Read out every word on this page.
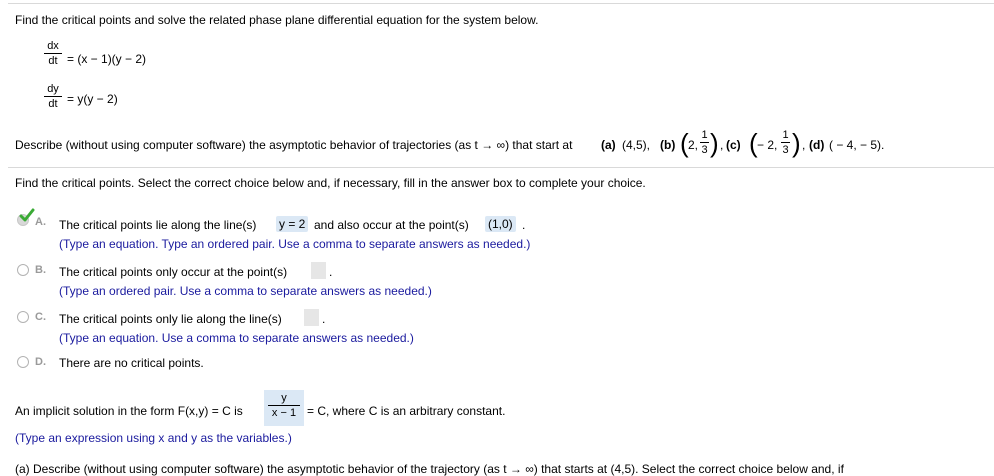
Find the critical points and solve the related phase plane differential equation for the system below.
dx
dt = (x − 1)(y − 2)
dy
dt = y(y − 2)
Describe (without using computer software) the asymptotic behavior of trajectories (as t → ∞) that start at (a) (4,5), (b) ( 2,
1
3 ) , (c) ( − 2,
1
3 ) , (d) ( − 4, − 5).
Find the critical points. Select the correct choice below and, if necessary, fill in the answer box to complete your choice.
A. The critical points lie along the line(s) y = 2 and also occur at the point(s) (1,0) .
(Type an equation. Type an ordered pair. Use a comma to separate answers as needed.)
B. The critical points only occur at the point(s)	.
(Type an ordered pair. Use a comma to separate answers as needed.)
C. The critical points only lie along the line(s)	.
(Type an equation. Use a comma to separate answers as needed.)
D. There are no critical points.
An implicit solution in the form F(x,y) = C is
y
x − 1 = C, where C is an arbitrary constant.
(Type an expression using x and y as the variables.)
(a) Describe (without using computer software) the asymptotic behavior of the trajectory (as t → ∞) that starts at (4,5). Select the correct choice below and, if
